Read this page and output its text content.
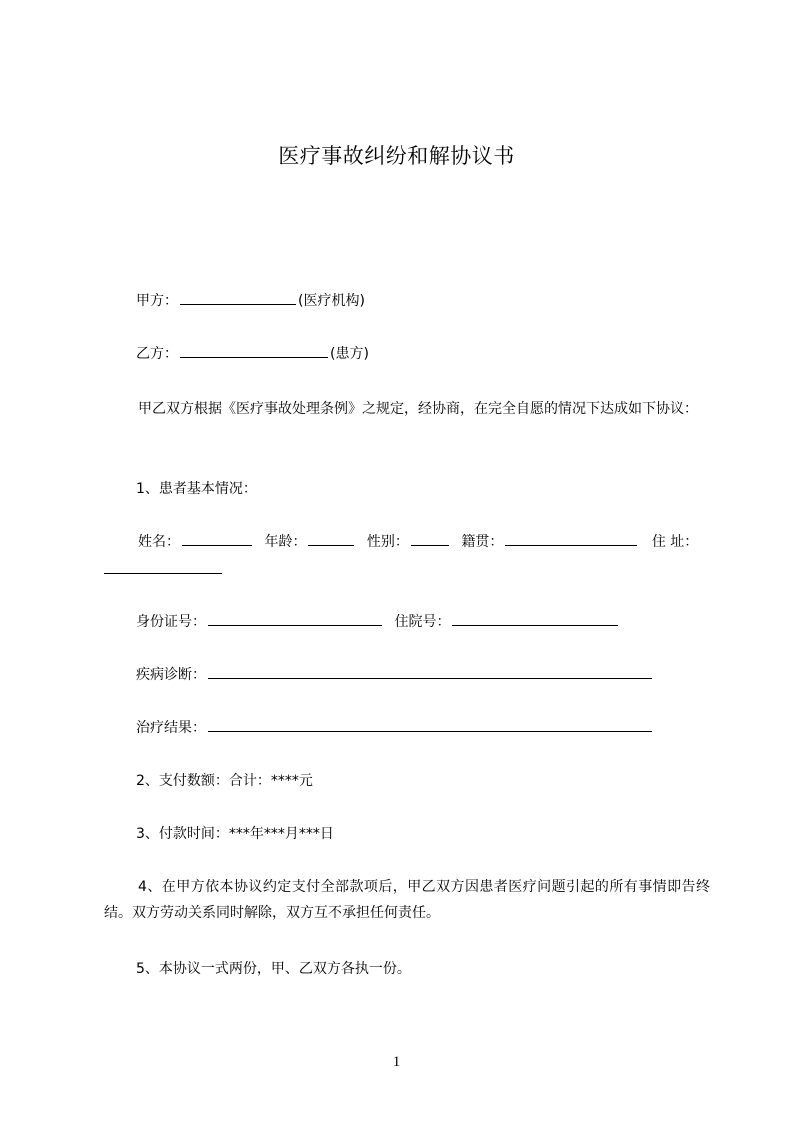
医疗事故纠纷和解协议书
甲方：	(医疗机构)
乙方：	(患方)
甲乙双方根据《医疗事故处理条例》之规定，经协商，在完全自愿的情况下达成如下协议：
1、患者基本情况：
姓名：	年龄：	性别：	籍贯：	住 址：
身份证号：	住院号：
疾病诊断：
治疗结果：
2、支付数额：合计：****元
3、付款时间：***年***月***日
4、在甲方依本协议约定支付全部款项后，甲乙双方因患者医疗问题引起的所有事情即告终结。双方劳动关系同时解除，双方互不承担任何责任。
5、本协议一式两份，甲、乙双方各执一份。
1
